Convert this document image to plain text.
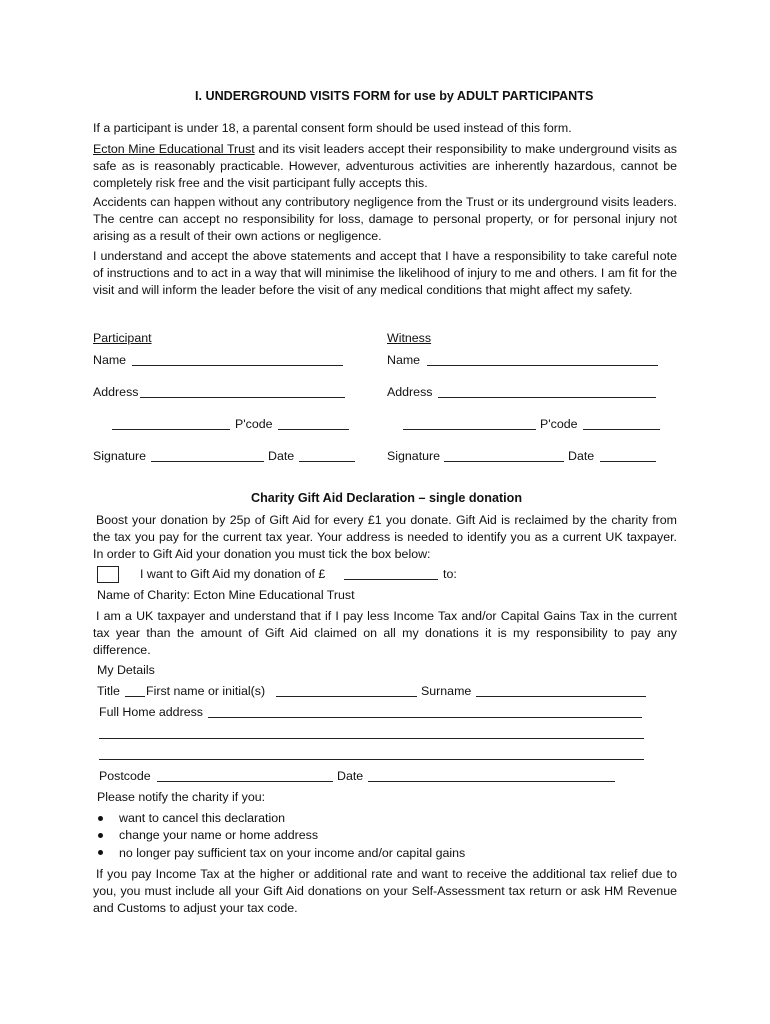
I. UNDERGROUND VISITS FORM for use by ADULT PARTICIPANTS
If a participant is under 18, a parental consent form should be used instead of this form.
Ecton Mine Educational Trust and its visit leaders accept their responsibility to make underground visits as safe as is reasonably practicable. However, adventurous activities are inherently hazardous, cannot be completely risk free and the visit participant fully accepts this.
Accidents can happen without any contributory negligence from the Trust or its underground visits leaders. The centre can accept no responsibility for loss, damage to personal property, or for personal injury not arising as a result of their own actions or negligence.
I understand and accept the above statements and accept that I have a responsibility to take careful note of instructions and to act in a way that will minimise the likelihood of injury to me and others. I am fit for the visit and will inform the leader before the visit of any medical conditions that might affect my safety.
Participant
Name
Address
P'code
Signature	Date
Witness
Name
Address
P'code
Signature	Date
Charity Gift Aid Declaration – single donation
Boost your donation by 25p of Gift Aid for every £1 you donate. Gift Aid is reclaimed by the charity from the tax you pay for the current tax year. Your address is needed to identify you as a current UK taxpayer. In order to Gift Aid your donation you must tick the box below:
I want to Gift Aid my donation of £	to:
Name of Charity: Ecton Mine Educational Trust
I am a UK taxpayer and understand that if I pay less Income Tax and/or Capital Gains Tax in the current tax year than the amount of Gift Aid claimed on all my donations it is my responsibility to pay any difference.
My Details
Title First name or initial(s)	Surname
Full Home address
Postcode	Date
Please notify the charity if you:
want to cancel this declaration
change your name or home address
no longer pay sufficient tax on your income and/or capital gains
If you pay Income Tax at the higher or additional rate and want to receive the additional tax relief due to you, you must include all your Gift Aid donations on your Self-Assessment tax return or ask HM Revenue and Customs to adjust your tax code.
